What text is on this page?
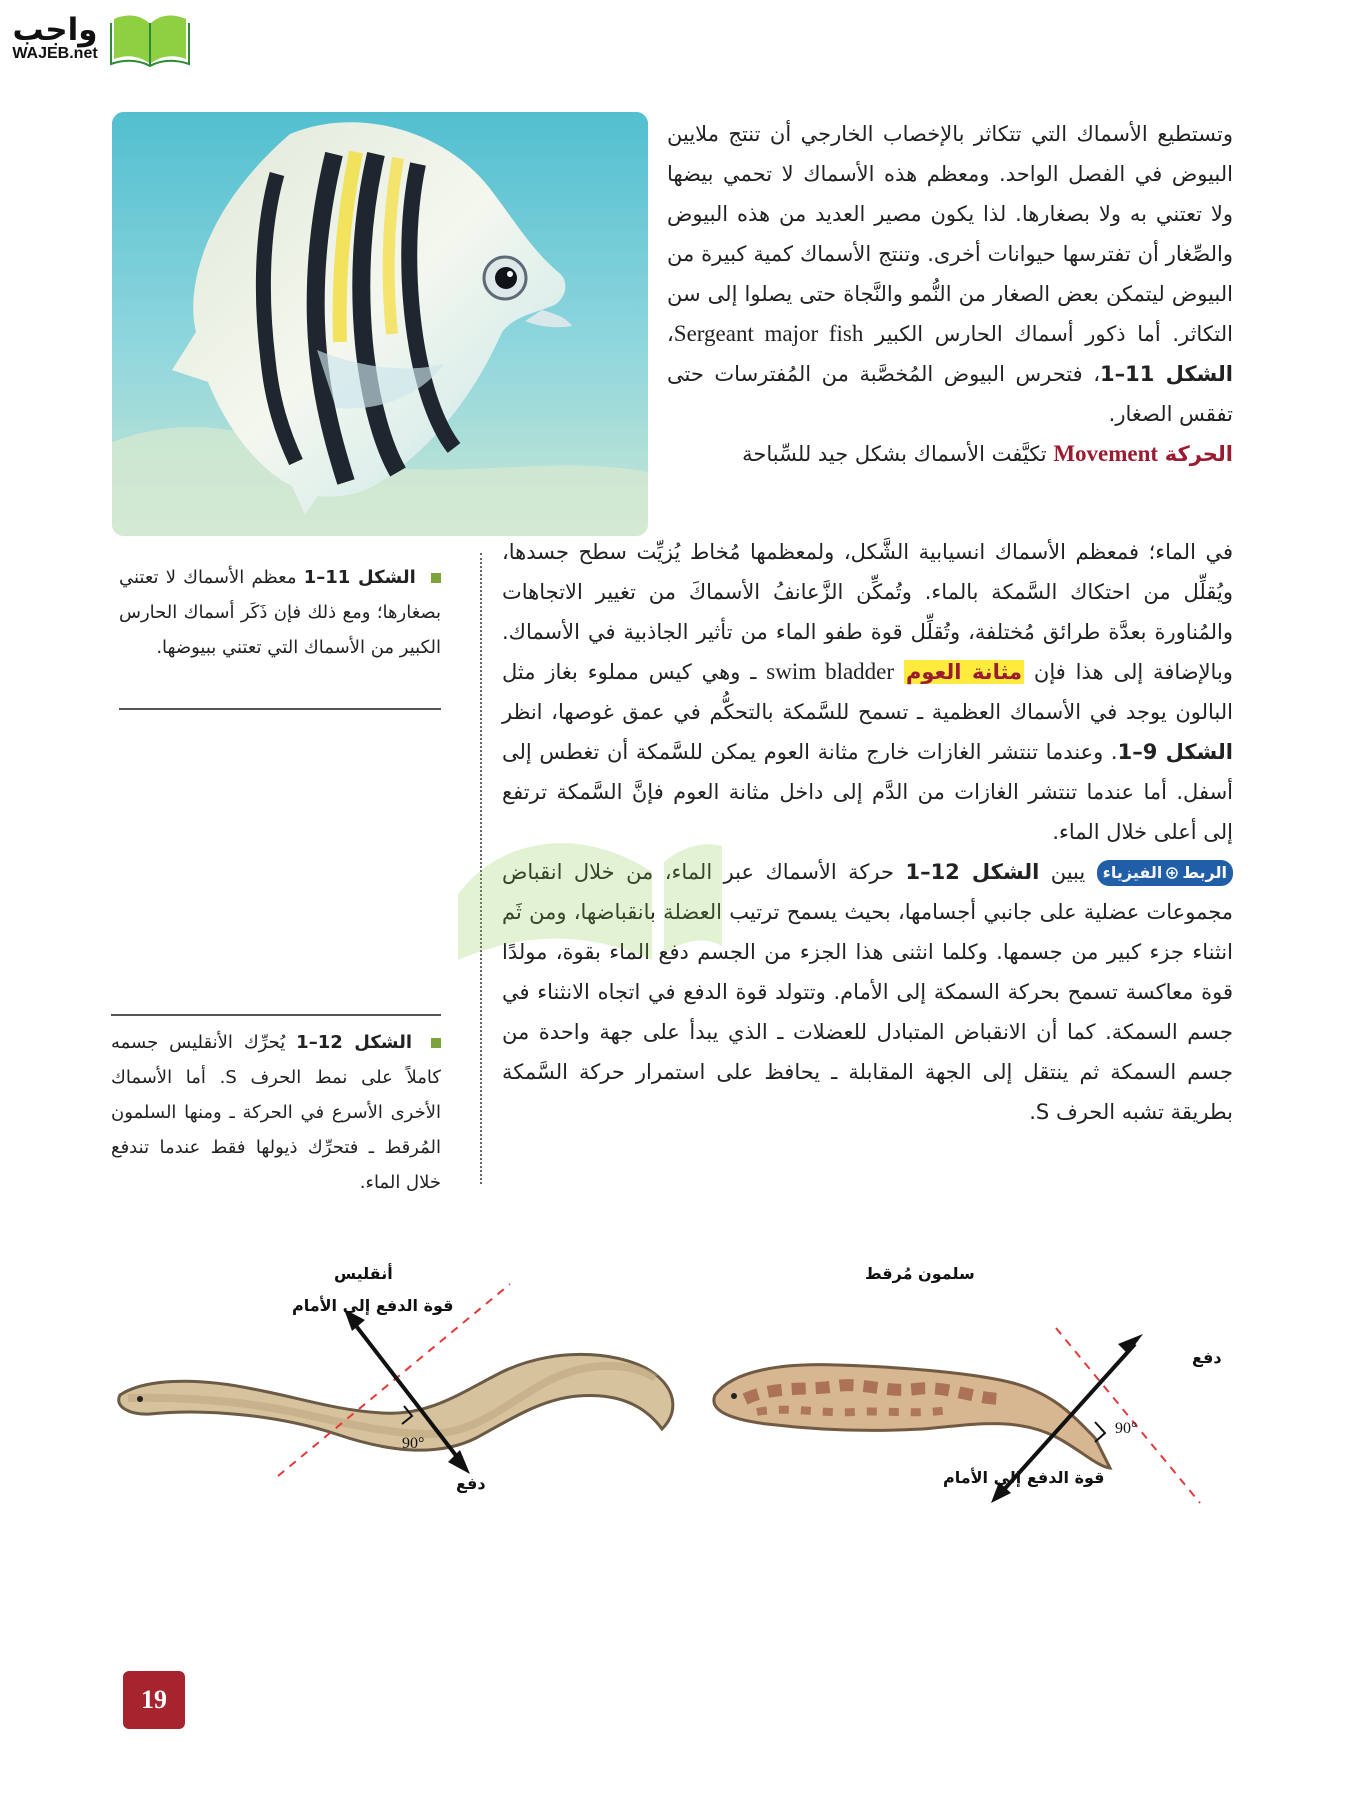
واجب
WAJEB.net
وتستطيع الأسماك التي تتكاثر بالإخصاب الخارجي أن تنتج ملايين البيوض في الفصل الواحد. ومعظم هذه الأسماك لا تحمي بيضها ولا تعتني به ولا بصغارها. لذا يكون مصير العديد من هذه البيوض والصِّغار أن تفترسها حيوانات أخرى. وتنتج الأسماك كمية كبيرة من البيوض ليتمكن بعض الصغار من النُّمو والنَّجاة حتى يصلوا إلى سن التكاثر. أما ذكور أسماك الحارس الكبير Sergeant major fish، الشكل 11–1، فتحرس البيوض المُخصَّبة من المُفترسات حتى تفقس الصغار.
الحركة Movement تكيَّفت الأسماك بشكل جيد للسِّباحة
في الماء؛ فمعظم الأسماك انسيابية الشَّكل، ولمعظمها مُخاط يُزيِّت سطح جسدها، ويُقلِّل من احتكاك السَّمكة بالماء. وتُمكِّن الزَّعانفُ الأسماكَ من تغيير الاتجاهات والمُناورة بعدَّة طرائق مُختلفة، وتُقلِّل قوة طفو الماء من تأثير الجاذبية في الأسماك. وبالإضافة إلى هذا فإن مثانة العوم swim bladder ـ وهي كيس مملوء بغاز مثل البالون يوجد في الأسماك العظمية ـ تسمح للسَّمكة بالتحكُّم في عمق غوصها، انظر الشكل 9–1. وعندما تنتشر الغازات خارج مثانة العوم يمكن للسَّمكة أن تغطس إلى أسفل. أما عندما تنتشر الغازات من الدَّم إلى داخل مثانة العوم فإنَّ السَّمكة ترتفع إلى أعلى خلال الماء.

الربط
الفيزياء
يبين الشكل 12–1 حركة الأسماك عبر الماء، من خلال انقباض مجموعات عضلية على جانبي أجسامها، بحيث يسمح ترتيب العضلة بانقباضها، ومن ثَم انثناء جزء كبير من جسمها. وكلما انثنى هذا الجزء من الجسم دفع الماء بقوة، مولدًا قوة معاكسة تسمح بحركة السمكة إلى الأمام. وتتولد قوة الدفع في اتجاه الانثناء في جسم السمكة. كما أن الانقباض المتبادل للعضلات ـ الذي يبدأ على جهة واحدة من جسم السمكة ثم ينتقل إلى الجهة المقابلة ـ يحافظ على استمرار حركة السَّمكة بطريقة تشبه الحرف S.
الشكل 11–1 معظم الأسماك لا تعتني بصغارها؛ ومع ذلك فإن ذَكَر أسماك الحارس الكبير من الأسماك التي تعتني ببيوضها.
الشكل 12–1 يُحرِّك الأنقليس جسمه كاملاً على نمط الحرف S. أما الأسماك الأخرى الأسرع في الحركة ـ ومنها السلمون المُرقط ـ فتحرِّك ذيولها فقط عندما تندفع خلال الماء.
أنقليس
قوة الدفع إلى الأمام
دفع
90°
سلمون مُرقط
دفع
قوة الدفع إلى الأمام
90°
19
